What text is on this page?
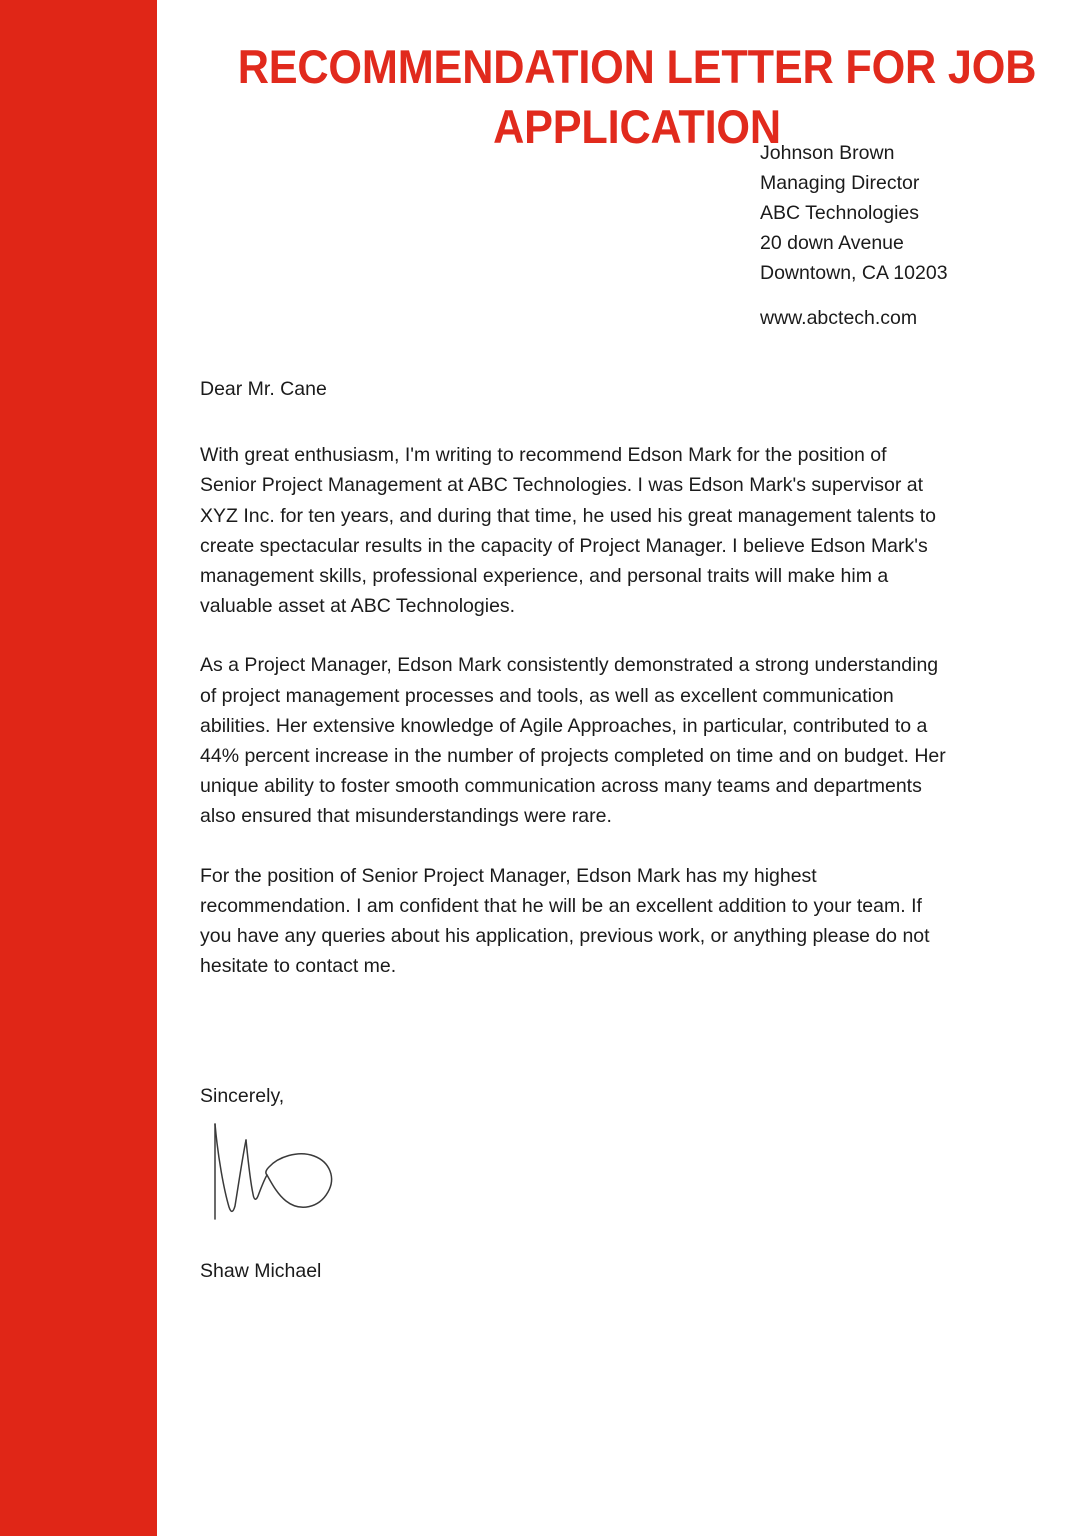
RECOMMENDATION LETTER FOR JOB APPLICATION
Johnson Brown
Managing Director
ABC Technologies
20 down Avenue
Downtown, CA 10203
www.abctech.com

Dear Mr. Cane

With great enthusiasm, I'm writing to recommend Edson Mark for the position of Senior Project Management at ABC Technologies. I was Edson Mark's supervisor at XYZ Inc. for ten years, and during that time, he used his great management talents to create spectacular results in the capacity of Project Manager. I believe Edson Mark's management skills, professional experience, and personal traits will make him a valuable asset at ABC Technologies.

As a Project Manager, Edson Mark consistently demonstrated a strong understanding of project management processes and tools, as well as excellent communication abilities. Her extensive knowledge of Agile Approaches, in particular, contributed to a 44% percent increase in the number of projects completed on time and on budget. Her unique ability to foster smooth communication across many teams and departments also ensured that misunderstandings were rare.

For the position of Senior Project Manager, Edson Mark has my highest recommendation. I am confident that he will be an excellent addition to your team. If you have any queries about his application, previous work, or anything please do not hesitate to contact me.

Sincerely,
Shaw Michael
